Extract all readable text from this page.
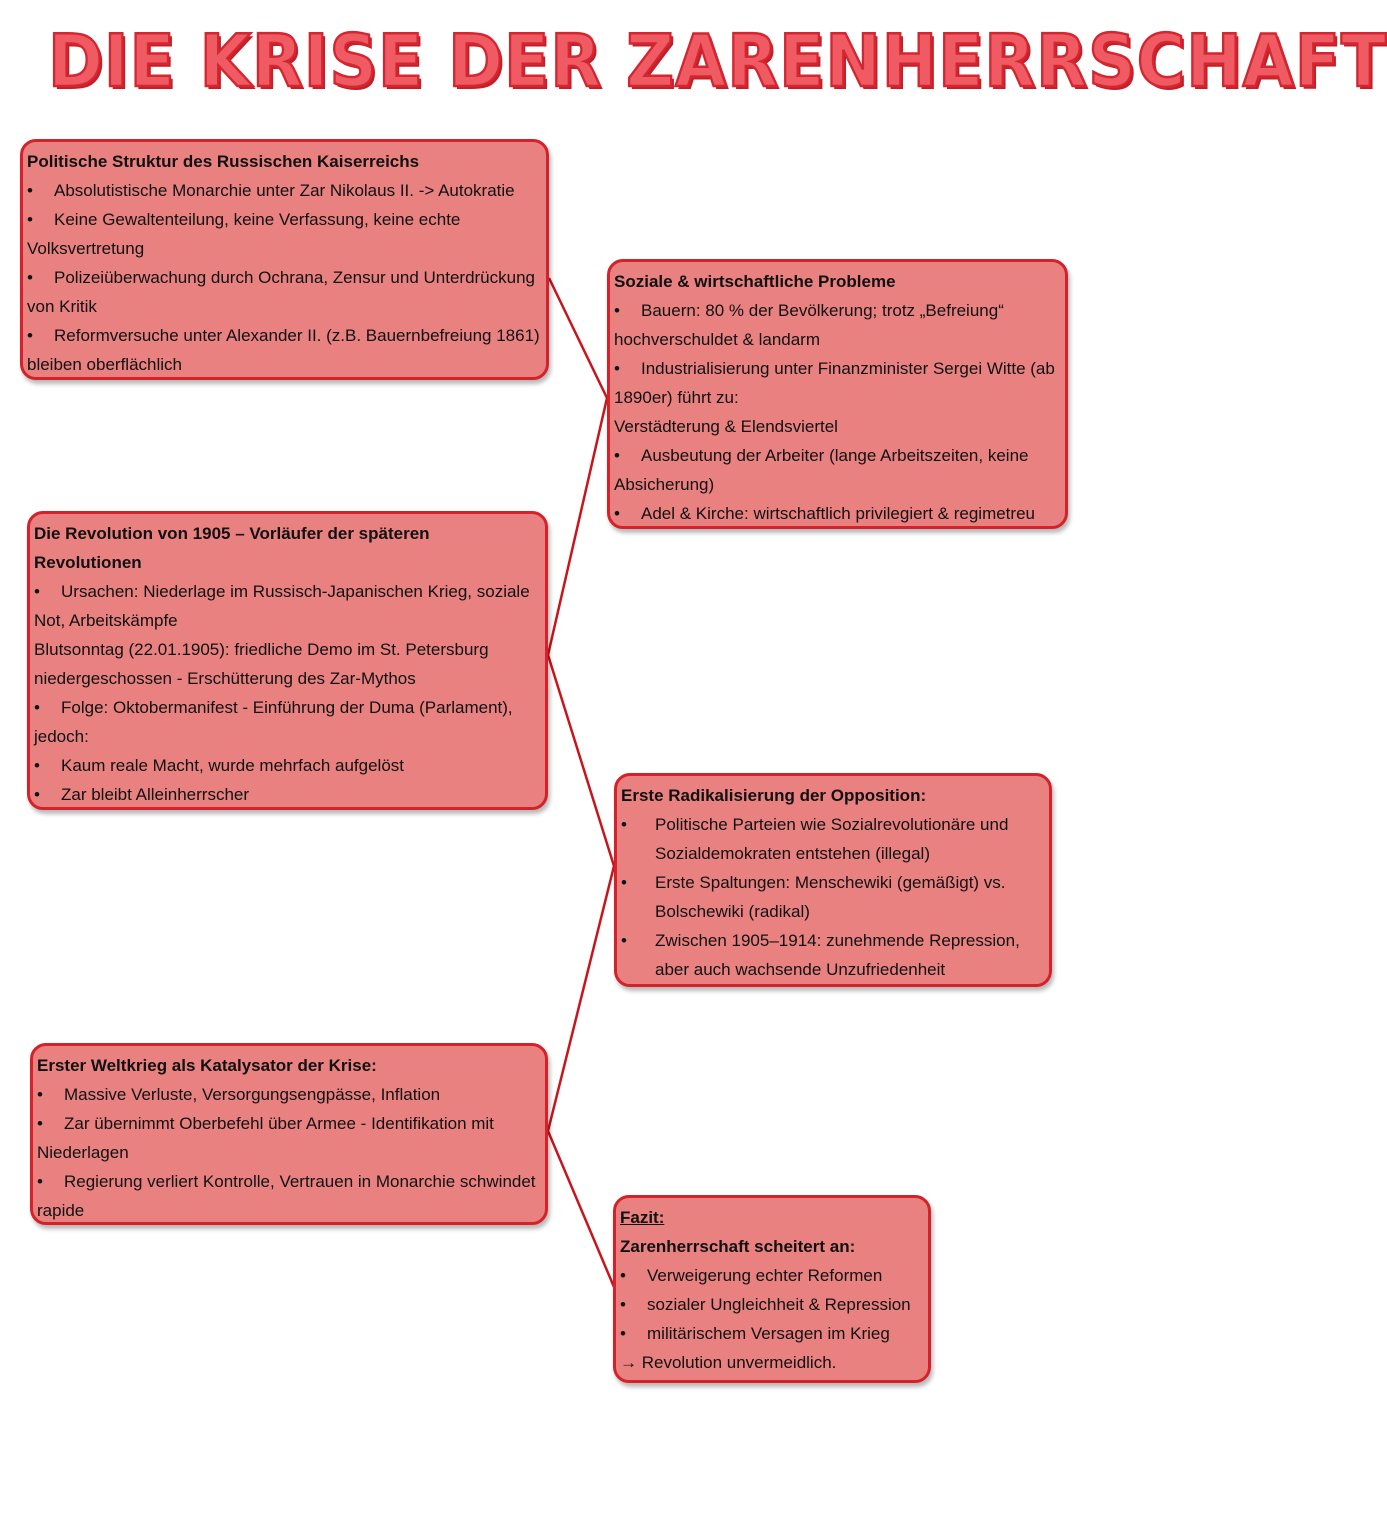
DIE KRISE DER ZARENHERRSCHAFT
Politische Struktur des Russischen Kaiserreichs
• Absolutistische Monarchie unter Zar Nikolaus II. -> Autokratie
• Keine Gewaltenteilung, keine Verfassung, keine echte Volksvertretung
• Polizeiüberwachung durch Ochrana, Zensur und Unterdrückung von Kritik
• Reformversuche unter Alexander II. (z.B. Bauernbefreiung 1861) bleiben oberflächlich
Soziale & wirtschaftliche Probleme
• Bauern: 80 % der Bevölkerung; trotz „Befreiung“ hochverschuldet & landarm
• Industrialisierung unter Finanzminister Sergei Witte (ab 1890er) führt zu:
Verstädterung & Elendsviertel
• Ausbeutung der Arbeiter (lange Arbeitszeiten, keine Absicherung)
• Adel & Kirche: wirtschaftlich privilegiert & regimetreu
Die Revolution von 1905 – Vorläufer der späteren Revolutionen
• Ursachen: Niederlage im Russisch-Japanischen Krieg, soziale Not, Arbeitskämpfe
Blutsonntag (22.01.1905): friedliche Demo im St. Petersburg niedergeschossen - Erschütterung des Zar-Mythos
• Folge: Oktobermanifest - Einführung der Duma (Parlament), jedoch:
• Kaum reale Macht, wurde mehrfach aufgelöst
• Zar bleibt Alleinherrscher	Erste Radikalisierung der Opposition:
• Politische Parteien wie Sozialrevolutionäre und Sozialdemokraten entstehen (illegal)
• Erste Spaltungen: Menschewiki (gemäßigt) vs. Bolschewiki (radikal)
• Zwischen 1905–1914: zunehmende Repression, aber auch wachsende Unzufriedenheit
Erster Weltkrieg als Katalysator der Krise:
• Massive Verluste, Versorgungsengpässe, Inflation
• Zar übernimmt Oberbefehl über Armee - Identifikation mit Niederlagen
• Regierung verliert Kontrolle, Vertrauen in Monarchie schwindet rapide	Fazit:
Zarenherrschaft scheitert an:
• Verweigerung echter Reformen
• sozialer Ungleichheit & Repression
• militärischem Versagen im Krieg
→ Revolution unvermeidlich.
